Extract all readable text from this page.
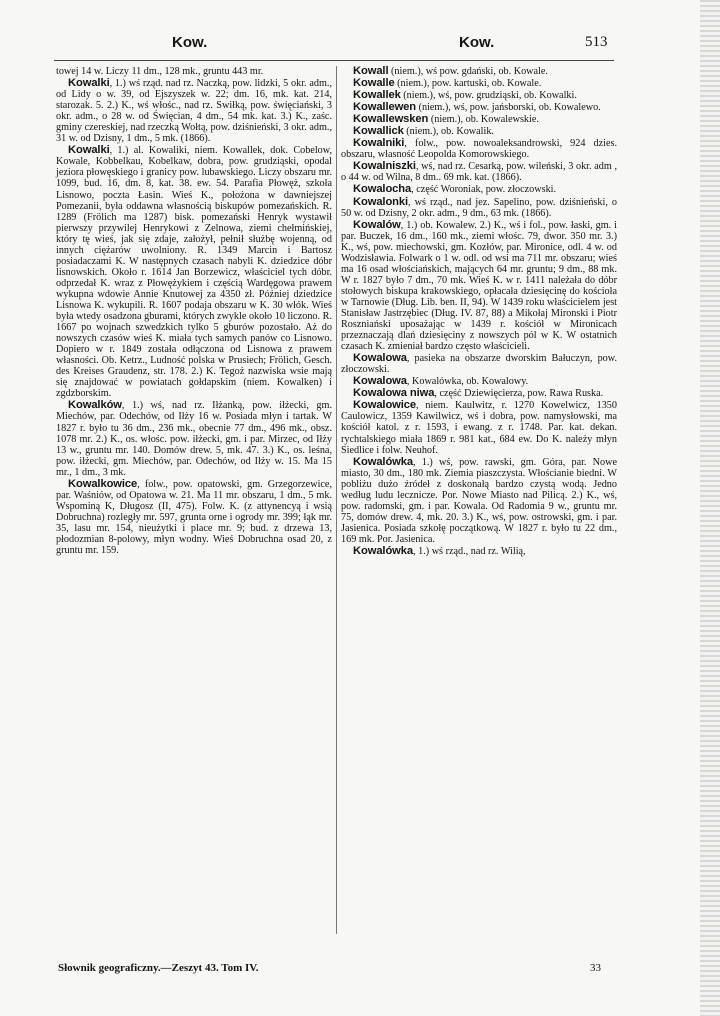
Kow.	Kow.	513

towej 14 w. Liczy 11 dm., 128 mk., gruntu 443 mr.

Kowalki, 1.) wś rząd. nad rz. Naczką, pow. lidzki, 5 okr. adm., od Lidy o w. 39, od Ejszyszek w. 22; dm. 16, mk. kat. 214, starozak. 5. 2.) K., wś włośc., nad rz. Swiłką, pow. święciański, 3 okr. adm., o 28 w. od Święcian, 4 dm., 54 mk. kat. 3.) K., zaśc. gminy czereskiej, nad rzeczką Wołtą, pow. dziśnieński, 3 okr. adm., 31 w. od Dzisny, 1 dm., 5 mk. (1866).

Kowalki, 1.) al. Kowaliki, niem. Kowallek, dok. Cobelow, Kowale, Kobbelkau, Kobelkaw, dobra, pow. grudziąski, opodal jeziora płowęskiego i granicy pow. lubawskiego. Liczy obszaru mr. 1099, bud. 16, dm. 8, kat. 38. ew. 54. Parafia Płowęż, szkoła Lisnowo, poczta Łasin. Wieś K., położona w dawniejszej Pomezanii, była oddawna własnością biskupów pomezańskich. R. 1289 (Frölich ma 1287) bisk. pomezański Henryk wystawił pierwszy przywilej Henrykowi z Zelnowa, ziemi chełmińskiej, który tę wieś, jak się zdaje, założył, pełnił służbę wojenną, od innych ciężarów uwolniony. R. 1349 Marcin i Bartosz posiadaczami K. W następnych czasach nabyli K. dziedzice dóbr lisnowskich. Około r. 1614 Jan Borzewicz, właściciel tych dóbr. odprzedał K. wraz z Płowężykiem i częścią Wardęgowa prawem wykupna wdowie Annie Knutowej za 4350 zł. Później dziedzice Lisnowa K. wykupili. R. 1607 podaja obszaru w K. 30 włók. Wieś była wtedy osadzona gburami, których zwykle około 10 liczono. R. 1667 po wojnach szwedzkich tylko 5 gburów pozostało. Aż do nowszych czasów wieś K. miała tych samych panów co Lisnowo. Dopiero w r. 1849 została odłączona od Lisnowa z prawem własności. Ob. Ketrz., Ludność polska w Prusiech; Frölich, Gesch. des Kreises Graudenz, str. 178. 2.) K. Tegoż nazwiska wsie mają się znajdować w powiatach gołdapskim (niem. Kowalken) i zgdzborskim.

Kowalków, 1.) wś, nad rz. Iłżanką, pow. iłżecki, gm. Miechów, par. Odechów, od Iłży 16 w. Posiada młyn i tartak. W 1827 r. było tu 36 dm., 236 mk., obecnie 77 dm., 496 mk., obsz. 1078 mr. 2.) K., os. włośc. pow. iłżecki, gm. i par. Mirzec, od Iłży 13 w., gruntu mr. 140. Domów drew. 5, mk. 47. 3.) K., os. leśna, pow. iłżecki, gm. Miechów, par. Odechów, od Iłży w. 15. Ma 15 mr., 1 dm., 3 mk.

Kowalkowice, folw., pow. opatowski, gm. Grzegorzewice, par. Waśniów, od Opatowa w. 21. Ma 11 mr. obszaru, 1 dm., 5 mk. Wspominą K, Długosz (II, 475). Folw. K. (z attynencyą i wsią Dobruchna) rozległy mr. 597, grunta orne i ogrody mr. 399; łąk mr. 35, lasu mr. 154, nieużytki i place mr. 9; bud. z drzewa 13, płodozmian 8-polowy, młyn wodny. Wieś Dobruchna osad 20, z gruntu mr. 159.

Kowall (niem.), wś pow. gdański, ob. Kowale.

Kowalle (niem.), pow. kartuski, ob. Kowale.

Kowallek (niem.), wś, pow. grudziąski, ob. Kowalki.

Kowallewen (niem.), wś, pow. jańsborski, ob. Kowalewo.

Kowallewsken (niem.), ob. Kowalewskie.

Kowallick (niem.), ob. Kowalik.

Kowalniki, folw., pow. nowoaleksandrowski, 924 dzies. obszaru, własność Leopolda Komorowskiego.

Kowalniszki, wś, nad rz. Cesarką, pow. wileński, 3 okr. adm , o 44 w. od Wilna, 8 dm.. 69 mk. kat. (1866).

Kowalocha, część Woroniak, pow. złoczowski.

Kowalonki, wś rząd., nad jez. Sapelino, pow. dziśnieński, o 50 w. od Dzisny, 2 okr. adm., 9 dm., 63 mk. (1866).

Kowalów, 1.) ob. Kowalew. 2.) K., wś i fol., pow. łaski, gm. i par. Buczek, 16 dm., 160 mk., ziemi włośc. 79, dwor. 350 mr. 3.) K., wś, pow. miechowski, gm. Kozłów, par. Mironice, odl. 4 w. od Wodzisławia. Folwark o 1 w. odl. od wsi ma 711 mr. obszaru; wieś ma 16 osad włościańskich, mających 64 mr. gruntu; 9 dm., 88 mk. W r. 1827 było 7 dm., 70 mk. Wieś K. w r. 1411 należała do dóbr stołowych biskupa krakowskiego, opłacała dziesięcinę do kościoła w Tarnowie (Dług. Lib. ben. II, 94). W 1439 roku właścicielem jest Stanisław Jastrzębiec (Dług. IV. 87, 88) a Mikołaj Mironski i Piotr Roszniański uposażając w 1439 r. kościół w Mironicach przeznaczają dlań dziesięciny z nowszych pól w K. W ostatnich czasach K. zmieniał bardzo często właścicieli.

Kowalowa, pasieka na obszarze dworskim Bałuczyn, pow. złoczowski.

Kowalowa, Kowalówka, ob. Kowalowy.

Kowalowa niwa, część Dziewięcierza, pow. Rawa Ruska.

Kowalowice, niem. Kaulwitz, r. 1270 Kowelwicz, 1350 Caulowicz, 1359 Kawilwicz, wś i dobra, pow. namysłowski, ma kościół katol. z r. 1593, i ewang. z r. 1748. Par. kat. dekan. rychtalskiego miała 1869 r. 981 kat., 684 ew. Do K. należy młyn Siedlice i folw. Neuhof.

Kowalówka, 1.) wś, pow. rawski, gm. Góra, par. Nowe miasto, 30 dm., 180 mk. Ziemia piaszczysta. Włościanie biedni. W pobliżu dużo źródeł z doskonałą bardzo czystą wodą. Jedno według ludu lecznicze. Por. Nowe Miasto nad Pilicą. 2.) K., wś, pow. radomski, gm. i par. Kowala. Od Radomia 9 w., gruntu mr. 75, domów drew. 4, mk. 20. 3.) K., wś, pow. ostrowski, gm. i par. Jasienica. Posiada szkołę początkową. W 1827 r. było tu 22 dm., 169 mk. Por. Jasienica.

Kowalówka, 1.) wś rząd., nad rz. Wilią,

Słownik geograficzny.—Zeszyt 43. Tom IV.	33
